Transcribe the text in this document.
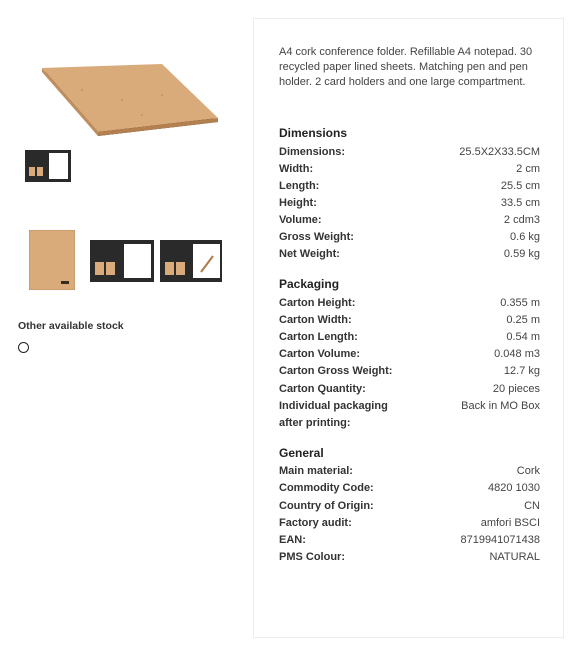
Other available stock
A4 cork conference folder. Refillable A4 notepad. 30 recycled paper lined sheets. Matching pen and pen holder. 2 card holders and one large compartment.
Dimensions
Dimensions:	25.5X2X33.5CM
Width:	2 cm
Length:	25.5 cm
Height:	33.5 cm
Volume:	2 cdm3
Gross Weight:	0.6 kg
Net Weight:	0.59 kg
Packaging
Carton Height:	0.355 m
Carton Width:	0.25 m
Carton Length:	0.54 m
Carton Volume:	0.048 m3
Carton Gross Weight:	12.7 kg
Carton Quantity:	20 pieces
Individual packaging after printing:
Back in MO Box
General
Main material:	Cork
Commodity Code:	4820 1030
Country of Origin:	CN
Factory audit:	amfori BSCI
EAN:	8719941071438
PMS Colour:	NATURAL
